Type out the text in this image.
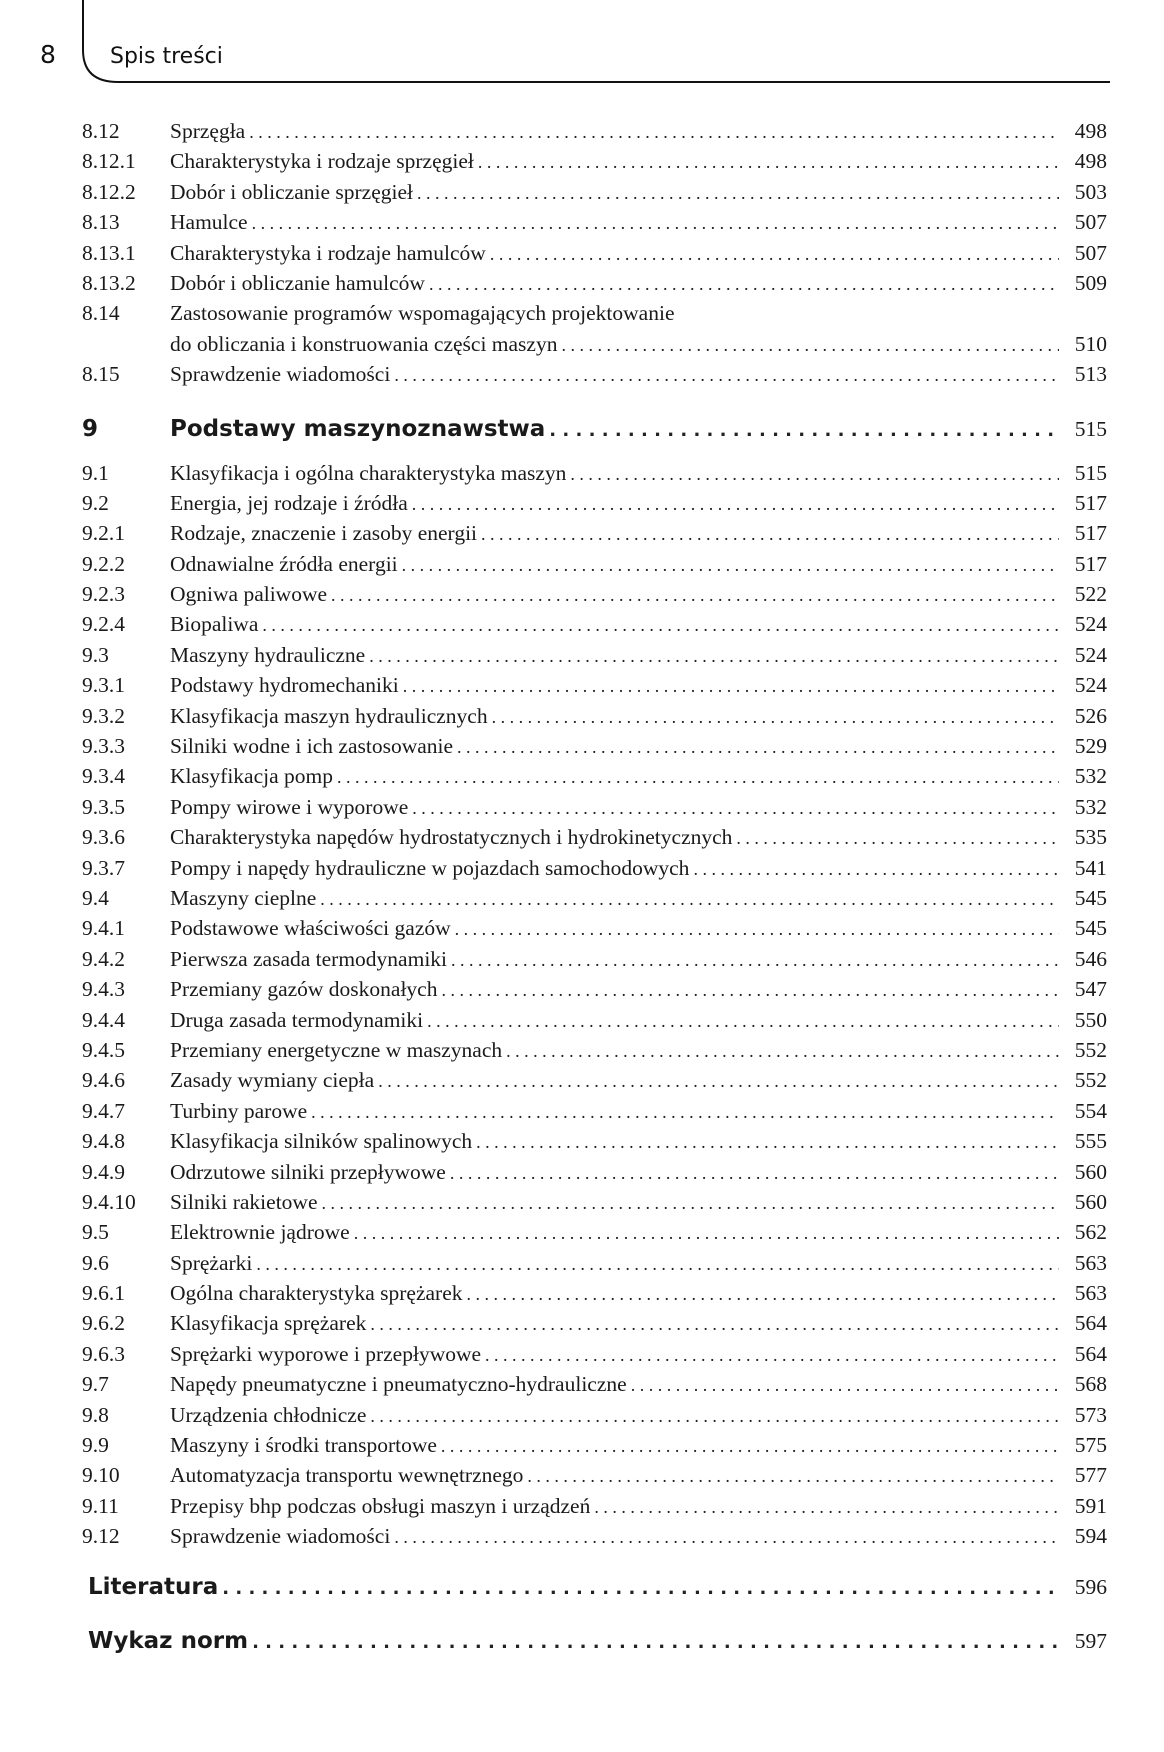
8 Spis treści
8.12	Sprzęgła . . .	498
8.12.1	Charakterystyka i rodzaje sprzęgieł . . .	498
8.12.2	Dobór i obliczanie sprzęgieł . . .	503
8.13	Hamulce . . .	507
8.13.1	Charakterystyka i rodzaje hamulców . . .	507
8.13.2	Dobór i obliczanie hamulców . . .	509
8.14	Zastosowanie programów wspomagających projektowanie
do obliczania i konstruowania części maszyn . . .	510
8.15	Sprawdzenie wiadomości . . .	513
9	Podstawy maszynoznawstwa . . .	515
9.1	Klasyfikacja i ogólna charakterystyka maszyn . . .	515
9.2	Energia, jej rodzaje i źródła . . .	517
9.2.1	Rodzaje, znaczenie i zasoby energii . . .	517
9.2.2	Odnawialne źródła energii . . .	517
9.2.3	Ogniwa paliwowe . . .	522
9.2.4	Biopaliwa . . .	524
9.3	Maszyny hydrauliczne . . .	524
9.3.1	Podstawy hydromechaniki . . .	524
9.3.2	Klasyfikacja maszyn hydraulicznych . . .	526
9.3.3	Silniki wodne i ich zastosowanie . . .	529
9.3.4	Klasyfikacja pomp . . .	532
9.3.5	Pompy wirowe i wyporowe . . .	532
9.3.6	Charakterystyka napędów hydrostatycznych i hydrokinetycznych . . .	535
9.3.7	Pompy i napędy hydrauliczne w pojazdach samochodowych . . .	541
9.4	Maszyny cieplne . . .	545
9.4.1	Podstawowe właściwości gazów . . .	545
9.4.2	Pierwsza zasada termodynamiki . . .	546
9.4.3	Przemiany gazów doskonałych . . .	547
9.4.4	Druga zasada termodynamiki . . .	550
9.4.5	Przemiany energetyczne w maszynach . . .	552
9.4.6	Zasady wymiany ciepła . . .	552
9.4.7	Turbiny parowe . . .	554
9.4.8	Klasyfikacja silników spalinowych . . .	555
9.4.9	Odrzutowe silniki przepływowe . . .	560
9.4.10	Silniki rakietowe . . .	560
9.5	Elektrownie jądrowe . . .	562
9.6	Sprężarki . . .	563
9.6.1	Ogólna charakterystyka sprężarek . . .	563
9.6.2	Klasyfikacja sprężarek . . .	564
9.6.3	Sprężarki wyporowe i przepływowe . . .	564
9.7	Napędy pneumatyczne i pneumatyczno-hydrauliczne . . .	568
9.8	Urządzenia chłodnicze . . .	573
9.9	Maszyny i środki transportowe . . .	575
9.10	Automatyzacja transportu wewnętrznego . . .	577
9.11	Przepisy bhp podczas obsługi maszyn i urządzeń . . .	591
9.12	Sprawdzenie wiadomości . . .	594
Literatura . . .	596
Wykaz norm . . .	597
